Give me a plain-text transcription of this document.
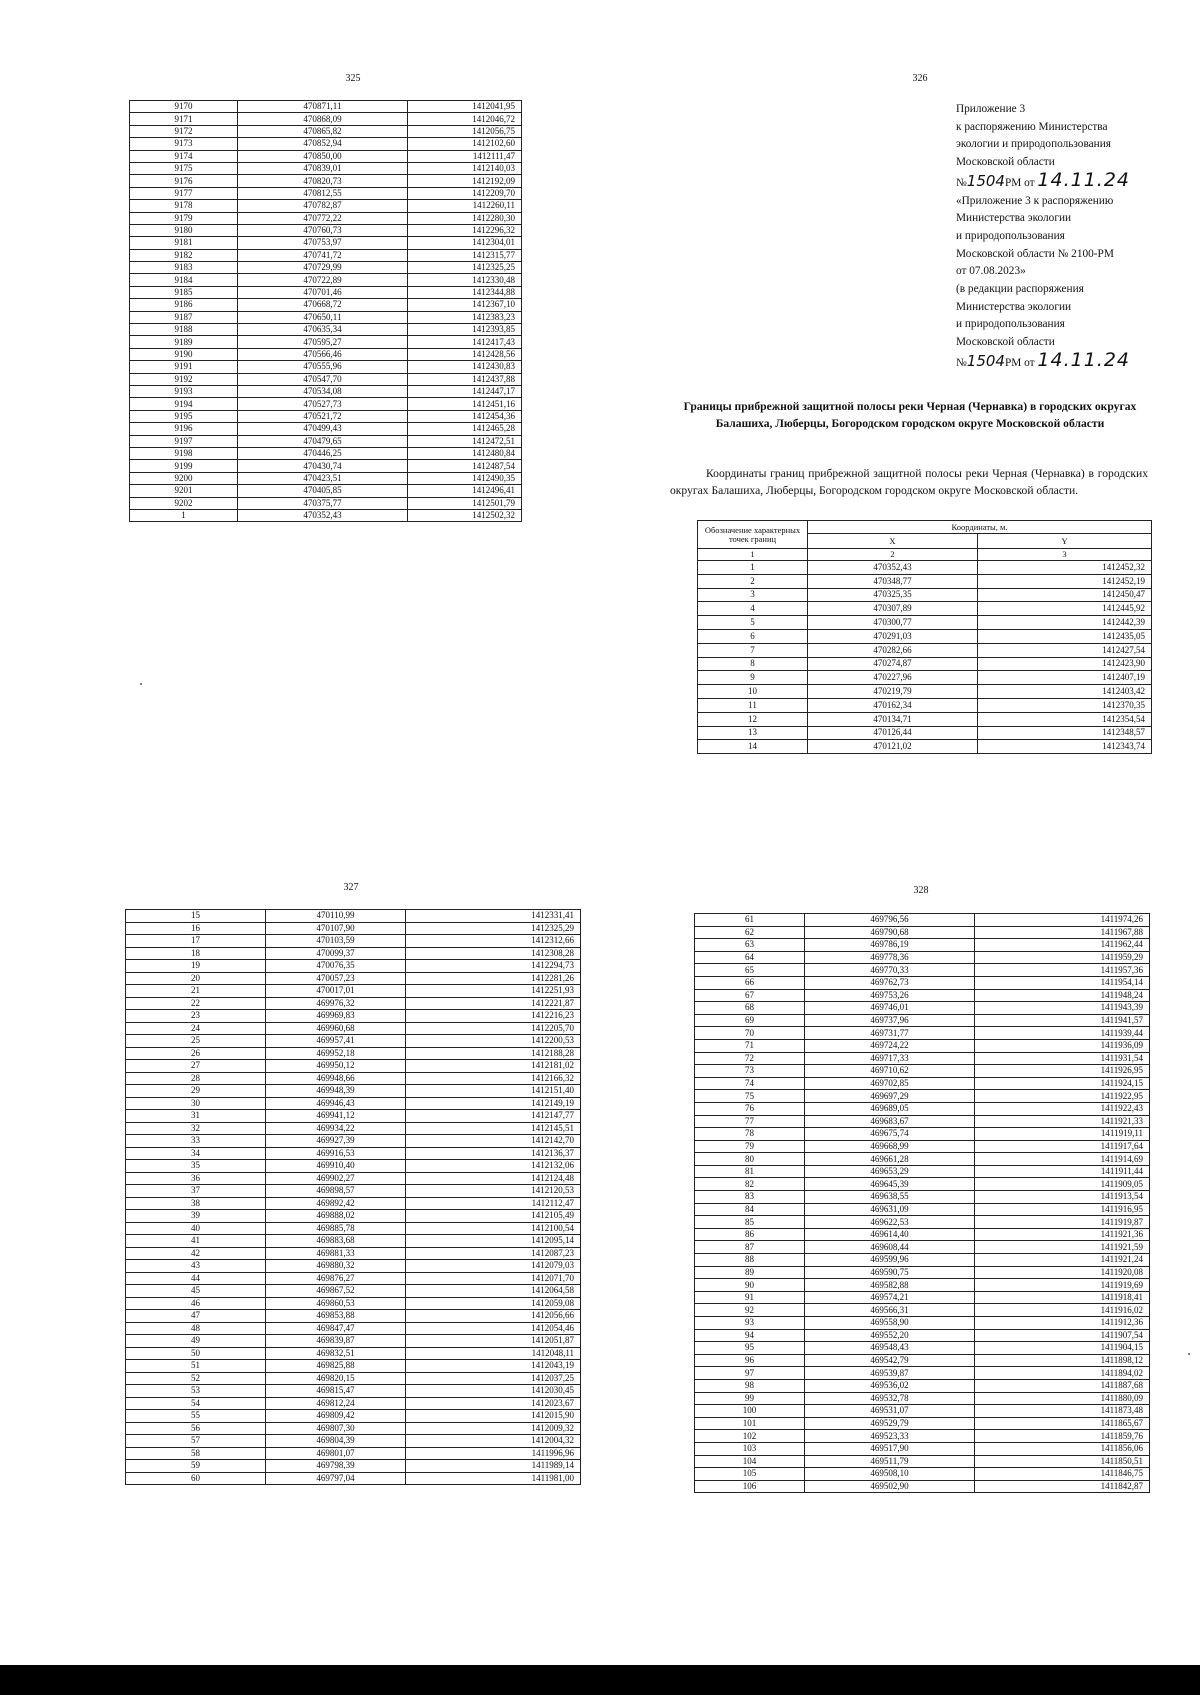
325
9170	470871,11	1412041,95
9171	470868,09	1412046,72
9172	470865,82	1412056,75
9173	470852,94	1412102,60
9174	470850,00	1412111,47
9175	470839,01	1412140,03
9176	470820,73	1412192,09
9177	470812,55	1412209,70
9178	470782,87	1412260,11
9179	470772,22	1412280,30
9180	470760,73	1412296,32
9181	470753,97	1412304,01
9182	470741,72	1412315,77
9183	470729,99	1412325,25
9184	470722,89	1412330,48
9185	470701,46	1412344,88
9186	470668,72	1412367,10
9187	470650,11	1412383,23
9188	470635,34	1412393,85
9189	470595,27	1412417,43
9190	470566,46	1412428,56
9191	470555,96	1412430,83
9192	470547,70	1412437,88
9193	470534,08	1412447,17
9194	470527,73	1412451,16
9195	470521,72	1412454,36
9196	470499,43	1412465,28
9197	470479,65	1412472,51
9198	470446,25	1412480,84
9199	470430,74	1412487,54
9200	470423,51	1412490,35
9201	470405,85	1412496,41
9202	470375,77	1412501,79
1	470352,43	1412502,32
326
Приложение 3
к распоряжению Министерства
экологии и природопользования
Московской области
№1504РМ от 14.11.24
«Приложение 3 к распоряжению
Министерства экологии
и природопользования
Московской области № 2100-РМ
от 07.08.2023»
(в редакции распоряжения
Министерства экологии
и природопользования
Московской области
№1504РМ от 14.11.24
Границы прибрежной защитной полосы реки Черная (Чернавка) в городских округах Балашиха, Люберцы, Богородском городском округе Московской области
Координаты границ прибрежной защитной полосы реки Черная (Чернавка) в городских округах Балашиха, Люберцы, Богородском городском округе Московской области.
Обозначение характерных точек границ	Координаты, м.	
	X	Y
1	2	3
1	470352,43	1412452,32
2	470348,77	1412452,19
3	470325,35	1412450,47
4	470307,89	1412445,92
5	470300,77	1412442,39
6	470291,03	1412435,05
7	470282,66	1412427,54
8	470274,87	1412423,90
9	470227,96	1412407,19
10	470219,79	1412403,42
11	470162,34	1412370,35
12	470134,71	1412354,54
13	470126,44	1412348,57
14	470121,02	1412343,74
327
15	470110,99	1412331,41
16	470107,90	1412325,29
17	470103,59	1412312,66
18	470099,37	1412308,28
19	470076,35	1412294,73
20	470057,23	1412281,26
21	470017,01	1412251,93
22	469976,32	1412221,87
23	469969,83	1412216,23
24	469960,68	1412205,70
25	469957,41	1412200,53
26	469952,18	1412188,28
27	469950,12	1412181,02
28	469948,66	1412166,32
29	469948,39	1412151,40
30	469946,43	1412149,19
31	469941,12	1412147,77
32	469934,22	1412145,51
33	469927,39	1412142,70
34	469916,53	1412136,37
35	469910,40	1412132,06
36	469902,27	1412124,48
37	469898,57	1412120,53
38	469892,42	1412112,47
39	469888,02	1412105,49
40	469885,78	1412100,54
41	469883,68	1412095,14
42	469881,33	1412087,23
43	469880,32	1412079,03
44	469876,27	1412071,70
45	469867,52	1412064,58
46	469860,53	1412059,08
47	469853,88	1412056,66
48	469847,47	1412054,46
49	469839,87	1412051,87
50	469832,51	1412048,11
51	469825,88	1412043,19
52	469820,15	1412037,25
53	469815,47	1412030,45
54	469812,24	1412023,67
55	469809,42	1412015,90
56	469807,30	1412009,32
57	469804,39	1412004,32
58	469801,07	1411996,96
59	469798,39	1411989,14
60	469797,04	1411981,00
328
61	469796,56	1411974,26
62	469790,68	1411967,88
63	469786,19	1411962,44
64	469778,36	1411959,29
65	469770,33	1411957,36
66	469762,73	1411954,14
67	469753,26	1411948,24
68	469746,01	1411943,39
69	469737,96	1411941,57
70	469731,77	1411939,44
71	469724,22	1411936,09
72	469717,33	1411931,54
73	469710,62	1411926,95
74	469702,85	1411924,15
75	469697,29	1411922,95
76	469689,05	1411922,43
77	469683,67	1411921,33
78	469675,74	1411919,11
79	469668,99	1411917,64
80	469661,28	1411914,69
81	469653,29	1411911,44
82	469645,39	1411909,05
83	469638,55	1411913,54
84	469631,09	1411916,95
85	469622,53	1411919,87
86	469614,40	1411921,36
87	469608,44	1411921,59
88	469599,96	1411921,24
89	469590,75	1411920,08
90	469582,88	1411919,69
91	469574,21	1411918,41
92	469566,31	1411916,02
93	469558,90	1411912,36
94	469552,20	1411907,54
95	469548,43	1411904,15
96	469542,79	1411898,12
97	469539,87	1411894,02
98	469536,02	1411887,68
99	469532,78	1411880,09
100	469531,07	1411873,48
101	469529,79	1411865,67
102	469523,33	1411859,76
103	469517,90	1411856,06
104	469511,79	1411850,51
105	469508,10	1411846,75
106	469502,90	1411842,87
